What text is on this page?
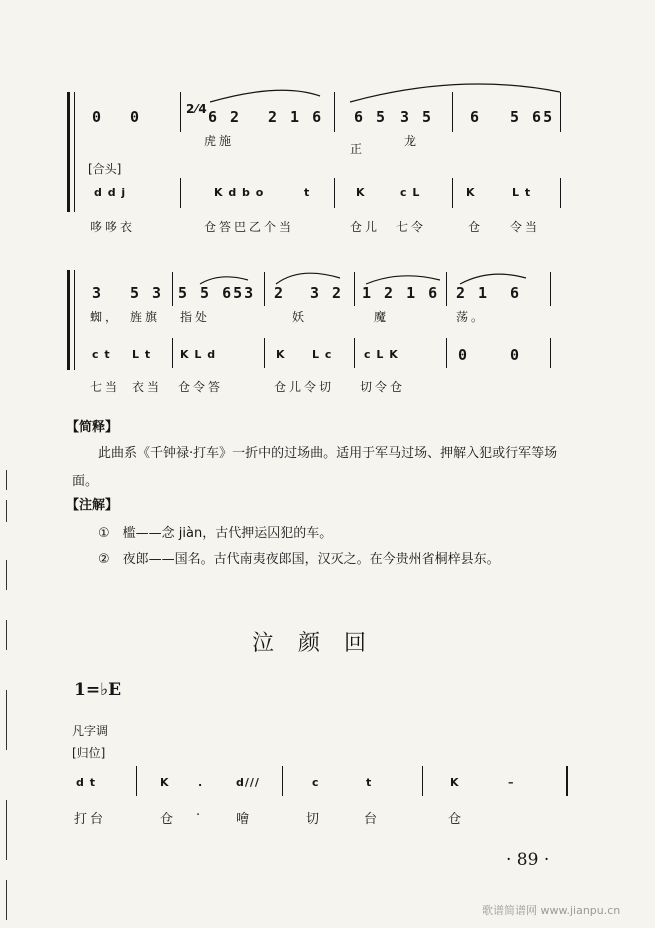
0 0	2⁄4 6 2 2 1 6 6 5 3 5 6 5 65
虎施
正
龙
[合头]
d d j	K d b o	t	K	c L	K	L t
哆哆衣	仓答巴乙个当	仓儿 七令	仓 令当
3 5 3 5 5 653 2 3 2 1 2 1 6 2 1 6
蜘， 旌旗 指处	妖	魔	荡。
c t L t	K L d	K L c	c L K	0	0
七当 衣当 仓令答	仓儿令切 切令仓
【简释】
此曲系《千钟禄·打车》一折中的过场曲。适用于军马过场、押解入犯或行军等场面。
【注解】
①　槛——念 jiàn，古代押运囚犯的车。
②　夜郎——国名。古代南夷夜郎国，汉灭之。在今贵州省桐梓县东。
泣颜回
1=♭E
凡字调
[归位]
d t	K	.	d///	c	t	K	–
打台	仓 ·	噲	切	台	仓
· 89 ·
歌谱简谱网 www.jianpu.cn
